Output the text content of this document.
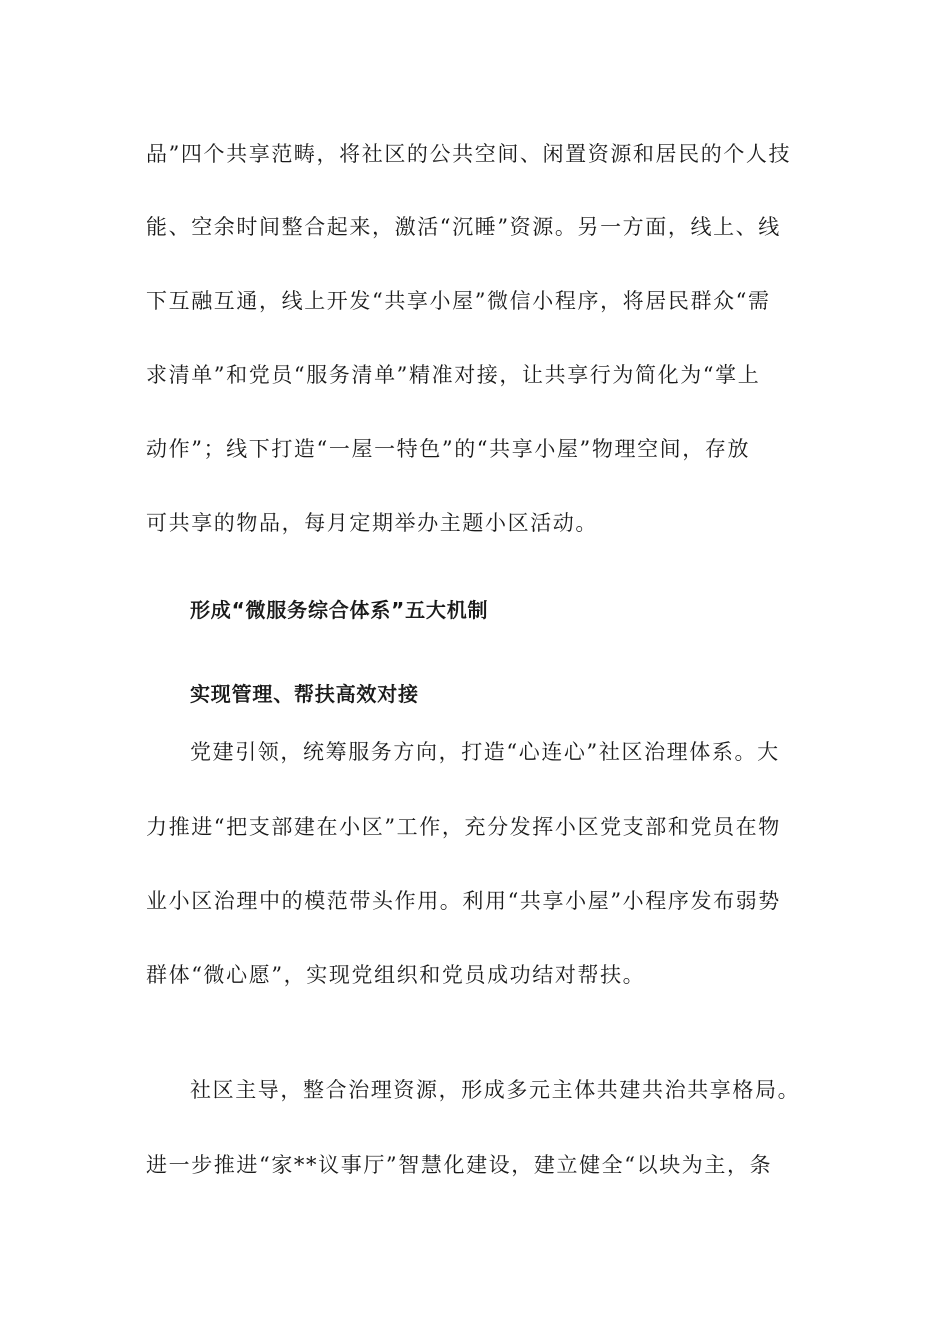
品”四个共享范畴，将社区的公共空间、闲置资源和居民的个人技
能、空余时间整合起来，激活“沉睡”资源。另一方面，线上、线
下互融互通，线上开发“共享小屋”微信小程序，将居民群众“需
求清单”和党员“服务清单”精准对接，让共享行为简化为“掌上
动作”；线下打造“一屋一特色”的“共享小屋”物理空间，存放
可共享的物品，每月定期举办主题小区活动。
形成“微服务综合体系”五大机制
实现管理、帮扶高效对接
党建引领，统筹服务方向，打造“心连心”社区治理体系。大
力推进“把支部建在小区”工作，充分发挥小区党支部和党员在物
业小区治理中的模范带头作用。利用“共享小屋”小程序发布弱势
群体“微心愿”，实现党组织和党员成功结对帮扶。
社区主导，整合治理资源，形成多元主体共建共治共享格局。
进一步推进“家**议事厅”智慧化建设，建立健全“以块为主，条
